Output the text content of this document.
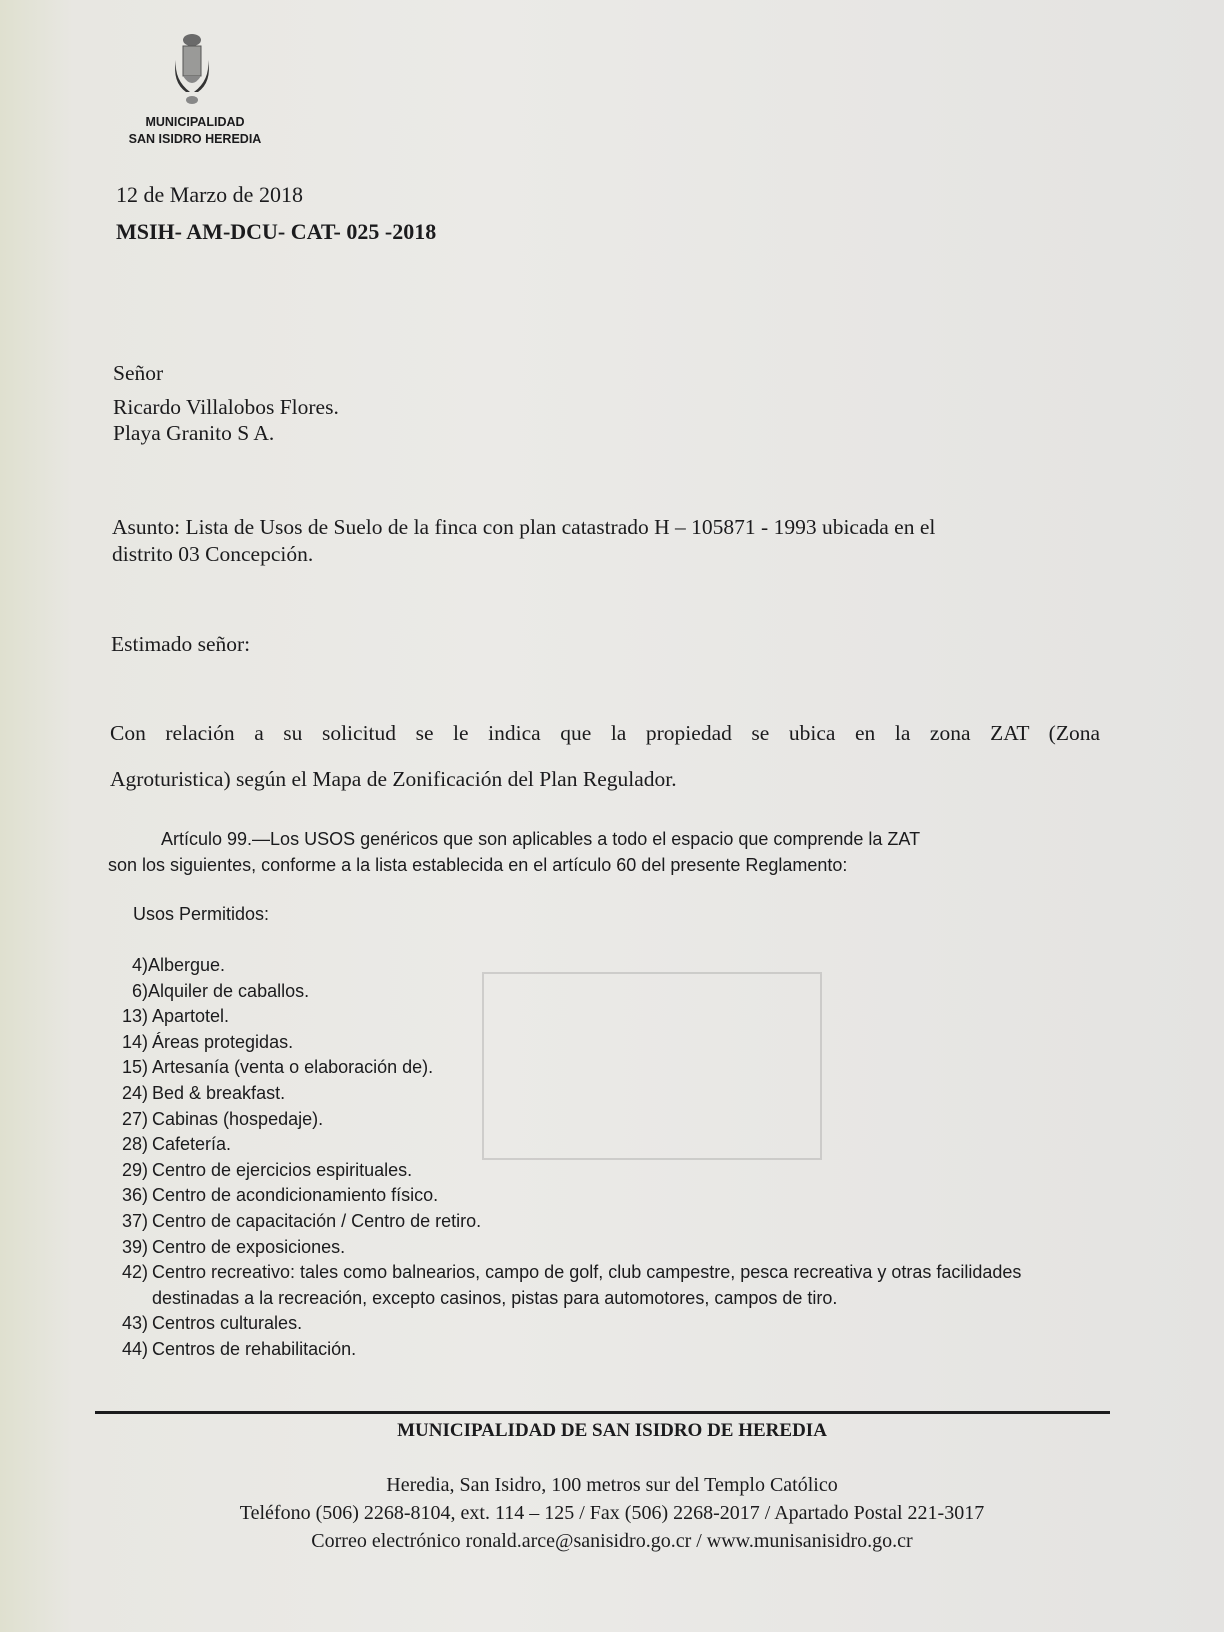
MUNICIPALIDAD
SAN ISIDRO HEREDIA
12 de Marzo de 2018
MSIH- AM-DCU- CAT- 025 -2018
Señor
Ricardo Villalobos Flores.
Playa Granito S A.
Asunto: Lista de Usos de Suelo de la finca con plan catastrado H – 105871 - 1993 ubicada en el
distrito 03 Concepción.
Estimado señor:
Con relación a su solicitud se le indica que la propiedad se ubica en la zona ZAT (Zona
Agroturistica) según el Mapa de Zonificación del Plan Regulador.
Artículo 99.—Los USOS genéricos que son aplicables a todo el espacio que comprende la ZAT
son los siguientes, conforme a la lista establecida en el artículo 60 del presente Reglamento:
Usos Permitidos:
4) Albergue.
6) Alquiler de caballos.
13) Apartotel.
14) Áreas protegidas.
15) Artesanía (venta o elaboración de).
24) Bed & breakfast.
27) Cabinas (hospedaje).
28) Cafetería.
29) Centro de ejercicios espirituales.
36) Centro de acondicionamiento físico.
37) Centro de capacitación / Centro de retiro.
39) Centro de exposiciones.
42) Centro recreativo: tales como balnearios, campo de golf, club campestre, pesca recreativa y otras facilidades destinadas a la recreación, excepto casinos, pistas para automotores, campos de tiro.
43) Centros culturales.
44) Centros de rehabilitación.
MUNICIPALIDAD DE SAN ISIDRO DE HEREDIA
Heredia, San Isidro, 100 metros sur del Templo Católico
Teléfono (506) 2268-8104, ext. 114 – 125 / Fax (506) 2268-2017 / Apartado Postal 221-3017
Correo electrónico ronald.arce@sanisidro.go.cr / www.munisanisidro.go.cr
